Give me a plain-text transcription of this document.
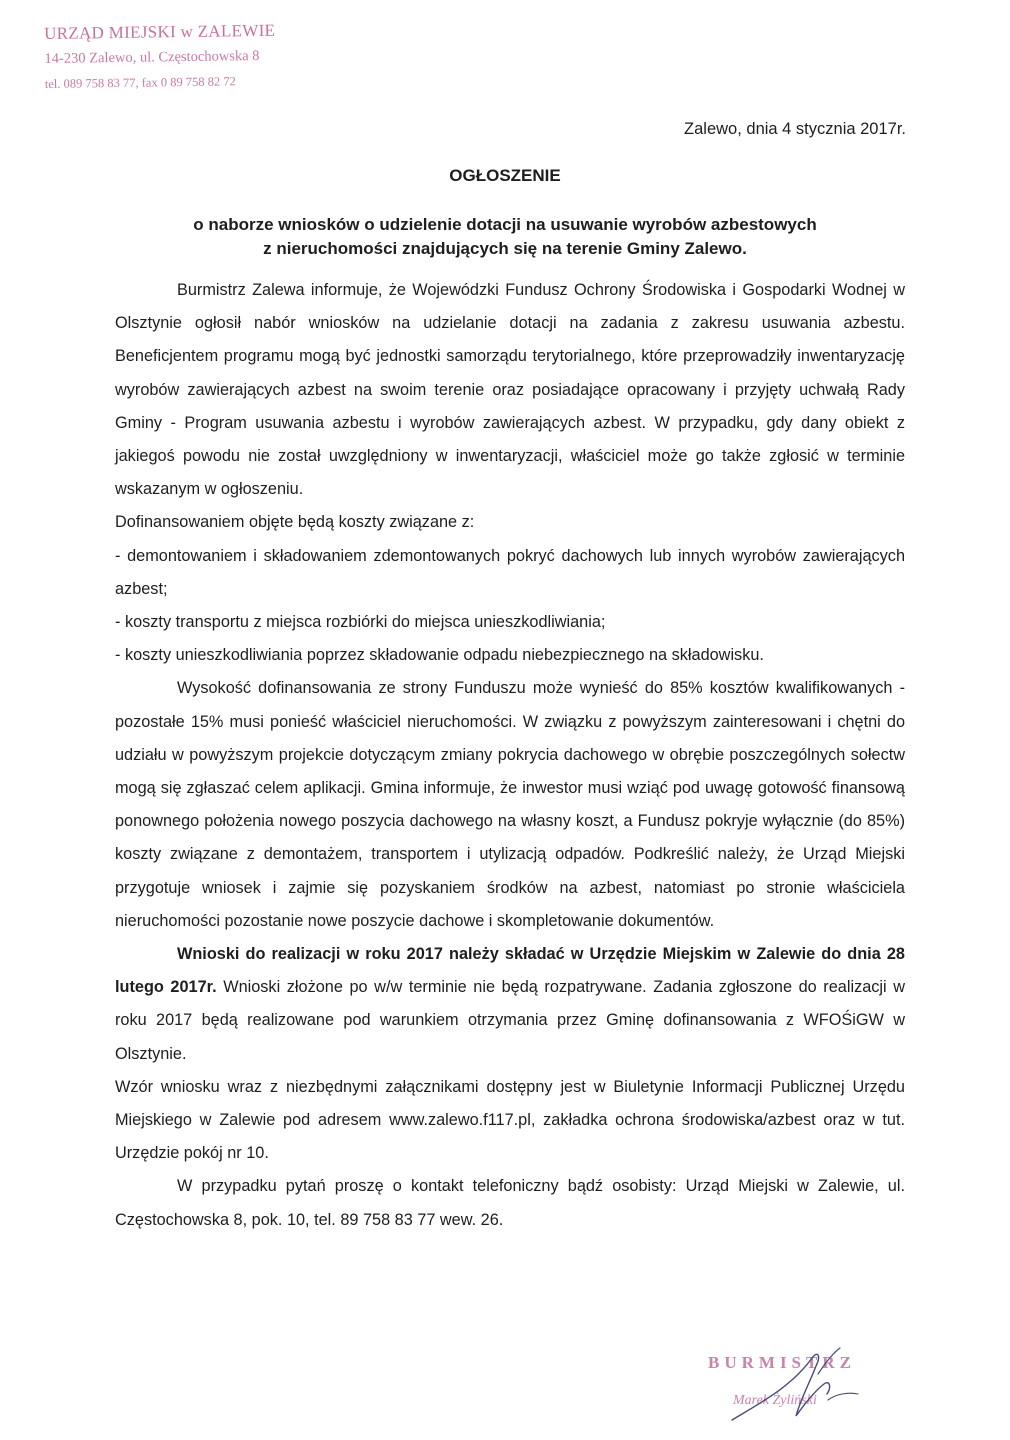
URZĄD MIEJSKI w ZALEWIE
14-230 Zalewo, ul. Częstochowska 8
tel. 089 758 83 77, fax 0 89 758 82 72
Zalewo, dnia 4 stycznia 2017r.
OGŁOSZENIE
o naborze wniosków o udzielenie dotacji na usuwanie wyrobów azbestowych
z nieruchomości znajdujących się na terenie Gminy Zalewo.

Burmistrz Zalewa informuje, że Wojewódzki Fundusz Ochrony Środowiska i Gospodarki Wodnej w Olsztynie ogłosił nabór wniosków na udzielanie dotacji na zadania z zakresu usuwania azbestu. Beneficjentem programu mogą być jednostki samorządu terytorialnego, które przeprowadziły inwentaryzację wyrobów zawierających azbest na swoim terenie oraz posiadające opracowany i przyjęty uchwałą Rady Gminy - Program usuwania azbestu i wyrobów zawierających azbest. W przypadku, gdy dany obiekt z jakiegoś powodu nie został uwzględniony w inwentaryzacji, właściciel może go także zgłosić w terminie wskazanym w ogłoszeniu.

Dofinansowaniem objęte będą koszty związane z:

- demontowaniem i składowaniem zdemontowanych pokryć dachowych lub innych wyrobów zawierających azbest;

- koszty transportu z miejsca rozbiórki do miejsca unieszkodliwiania;

- koszty unieszkodliwiania poprzez składowanie odpadu niebezpiecznego na składowisku.

Wysokość dofinansowania ze strony Funduszu może wynieść do 85% kosztów kwalifikowanych - pozostałe 15% musi ponieść właściciel nieruchomości. W związku z powyższym zainteresowani i chętni do udziału w powyższym projekcie dotyczącym zmiany pokrycia dachowego w obrębie poszczególnych sołectw mogą się zgłaszać celem aplikacji. Gmina informuje, że inwestor musi wziąć pod uwagę gotowość finansową ponownego położenia nowego poszycia dachowego na własny koszt, a Fundusz pokryje wyłącznie (do 85%) koszty związane z demontażem, transportem i utylizacją odpadów. Podkreślić należy, że Urząd Miejski przygotuje wniosek i zajmie się pozyskaniem środków na azbest, natomiast po stronie właściciela nieruchomości pozostanie nowe poszycie dachowe i skompletowanie dokumentów.

Wnioski do realizacji w roku 2017 należy składać w Urzędzie Miejskim w Zalewie do dnia 28 lutego 2017r. Wnioski złożone po w/w terminie nie będą rozpatrywane. Zadania zgłoszone do realizacji w roku 2017 będą realizowane pod warunkiem otrzymania przez Gminę dofinansowania z WFOŚiGW w Olsztynie.

Wzór wniosku wraz z niezbędnymi załącznikami dostępny jest w Biuletynie Informacji Publicznej Urzędu Miejskiego w Zalewie pod adresem www.zalewo.f117.pl, zakładka ochrona środowiska/azbest oraz w tut. Urzędzie pokój nr 10.

W przypadku pytań proszę o kontakt telefoniczny bądź osobisty: Urząd Miejski w Zalewie, ul. Częstochowska 8, pok. 10, tel. 89 758 83 77 wew. 26.

BURMISTRZ
Marek Żyliński
